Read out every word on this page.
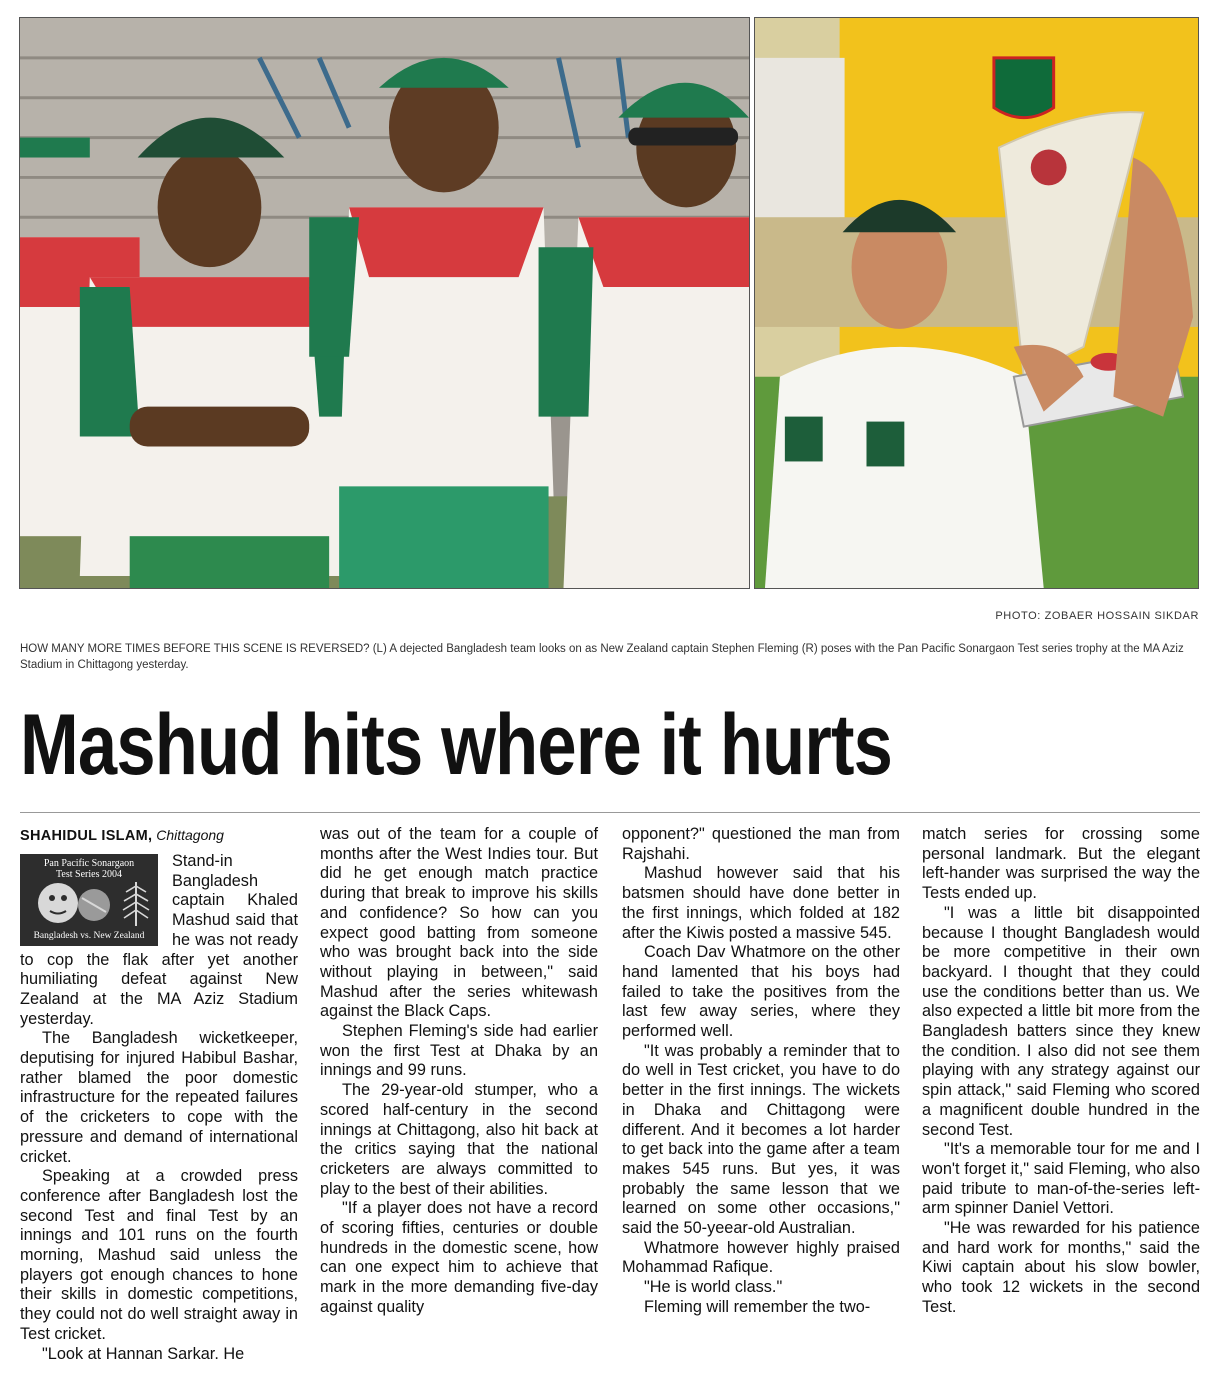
PHOTO: ZOBAER HOSSAIN SIKDAR
HOW MANY MORE TIMES BEFORE THIS SCENE IS REVERSED? (L) A dejected Bangladesh team looks on as New Zealand captain Stephen Fleming (R) poses with the Pan Pacific Sonargaon Test series trophy at the MA Aziz Stadium in Chittagong yesterday.
Mashud hits where it hurts
SHAHIDUL ISLAM, Chittagong
Pan Pacific Sonargaon
Test Series 2004
Bangladesh vs. New Zealand

Stand-in Bangladesh captain Khaled Mashud said that he was not ready to cop the flak after yet another humiliating defeat against New Zealand at the MA Aziz Stadium yesterday.

The Bangladesh wicketkeeper, deputising for injured Habibul Bashar, rather blamed the poor domestic infrastructure for the repeated failures of the cricketers to cope with the pressure and demand of international cricket.

Speaking at a crowded press conference after Bangladesh lost the second Test and final Test by an innings and 101 runs on the fourth morning, Mashud said unless the players got enough chances to hone their skills in domestic competitions, they could not do well straight away in Test cricket.

"Look at Hannan Sarkar. He

was out of the team for a couple of months after the West Indies tour. But did he get enough match practice during that break to improve his skills and confidence? So how can you expect good batting from someone who was brought back into the side without playing in between," said Mashud after the series whitewash against the Black Caps.

Stephen Fleming's side had earlier won the first Test at Dhaka by an innings and 99 runs.

The 29-year-old stumper, who a scored half-century in the second innings at Chittagong, also hit back at the critics saying that the national cricketers are always committed to play to the best of their abilities.

"If a player does not have a record of scoring fifties, centuries or double hundreds in the domestic scene, how can one expect him to achieve that mark in the more demanding five-day against quality

opponent?" questioned the man from Rajshahi.

Mashud however said that his batsmen should have done better in the first innings, which folded at 182 after the Kiwis posted a massive 545.

Coach Dav Whatmore on the other hand lamented that his boys had failed to take the positives from the last few away series, where they performed well.

"It was probably a reminder that to do well in Test cricket, you have to do better in the first innings. The wickets in Dhaka and Chittagong were different. And it becomes a lot harder to get back into the game after a team makes 545 runs. But yes, it was probably the same lesson that we learned on some other occasions," said the 50-yeear-old Australian.

Whatmore however highly praised Mohammad Rafique.

"He is world class."

Fleming will remember the two-

match series for crossing some personal landmark. But the elegant left-hander was surprised the way the Tests ended up.

"I was a little bit disappointed because I thought Bangladesh would be more competitive in their own backyard. I thought that they could use the conditions better than us. We also expected a little bit more from the Bangladesh batters since they knew the condition. I also did not see them playing with any strategy against our spin attack," said Fleming who scored a magnificent double hundred in the second Test.

"It's a memorable tour for me and I won't forget it," said Fleming, who also paid tribute to man-of-the-series left-arm spinner Daniel Vettori.

"He was rewarded for his patience and hard work for months," said the Kiwi captain about his slow bowler, who took 12 wickets in the second Test.
